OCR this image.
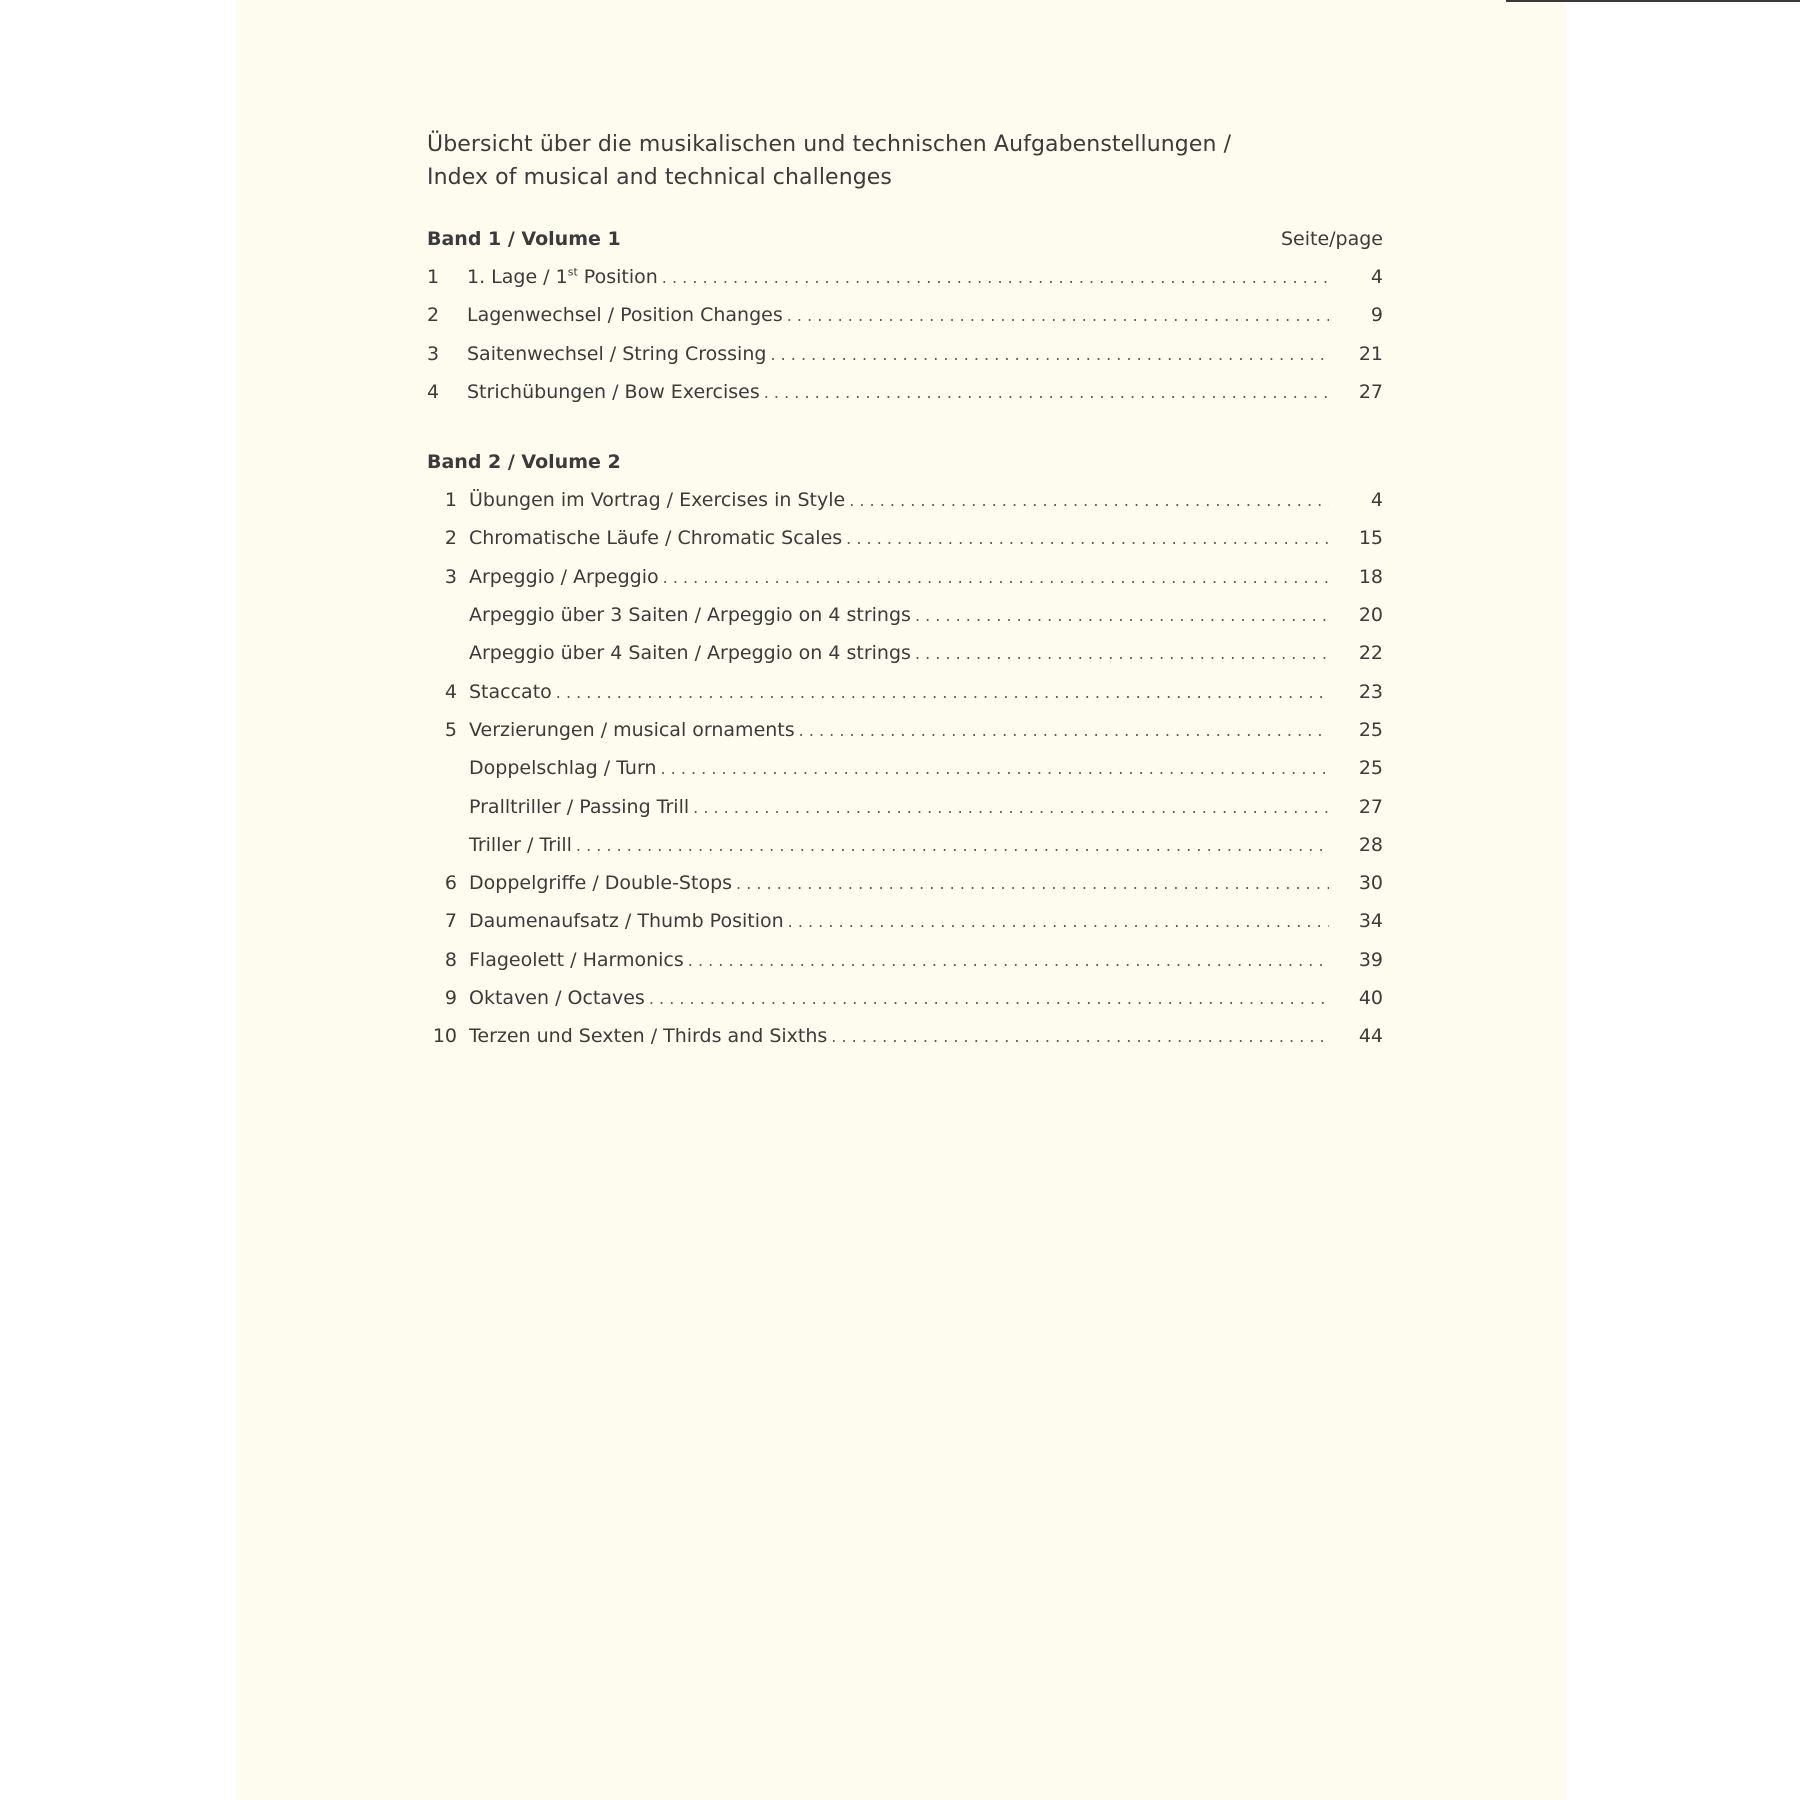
Übersicht über die musikalischen und technischen Aufgabenstellungen /
Index of musical and technical challenges
Band 1 / Volume 1	Seite/page
1	1. Lage / 1st Position . . .	4
2	Lagenwechsel / Position Changes . . .	9
3	Saitenwechsel / String Crossing . . .	21
4	Strichübungen / Bow Exercises . . .	27
Band 2 / Volume 2
1 Übungen im Vortrag / Exercises in Style . . .	4
2 Chromatische Läufe / Chromatic Scales . . .	15
3 Arpeggio / Arpeggio . . .	18
Arpeggio über 3 Saiten / Arpeggio on 4 strings . . .	20
Arpeggio über 4 Saiten / Arpeggio on 4 strings . . .	22
4 Staccato . . .	23
5 Verzierungen / musical ornaments . . .	25
Doppelschlag / Turn . . .	25
Pralltriller / Passing Trill . . .	27
Triller / Trill . . .	28
6 Doppelgriffe / Double-Stops . . .	30
7 Daumenaufsatz / Thumb Position . . .	34
8 Flageolett / Harmonics . . .	39
9 Oktaven / Octaves . . .	40
10 Terzen und Sexten / Thirds and Sixths . . .	44
